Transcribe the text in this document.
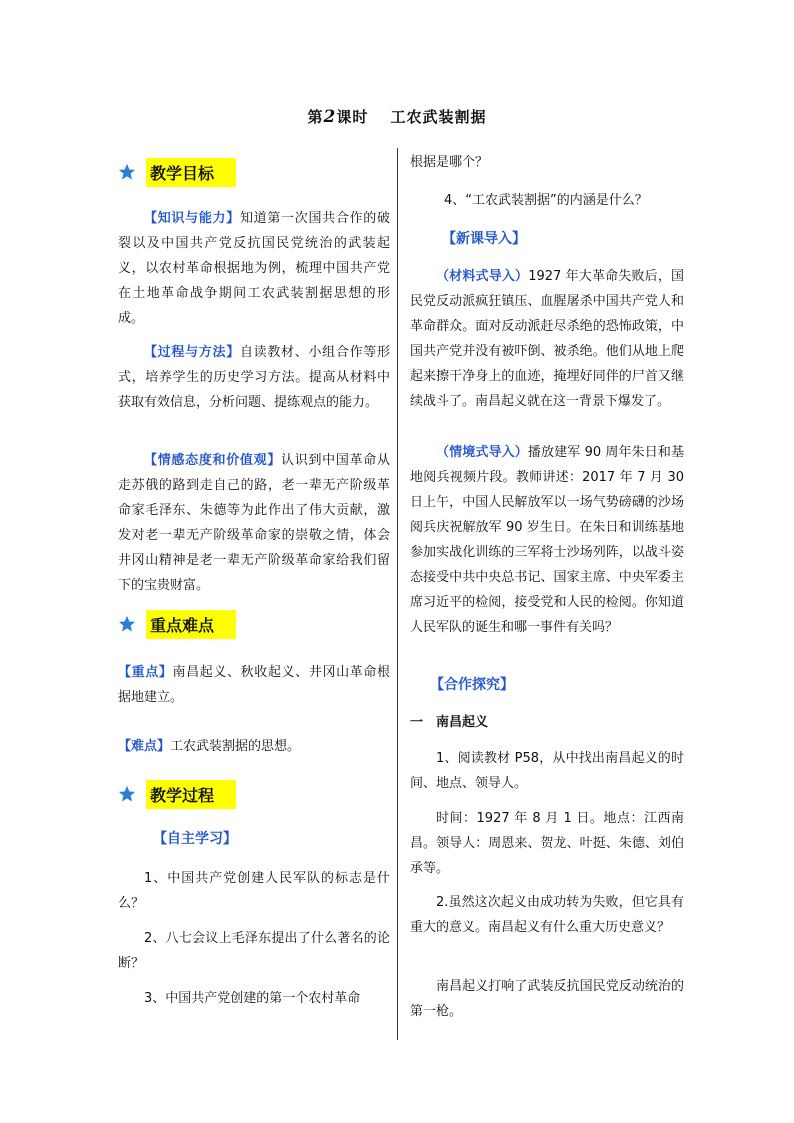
第2课时　 工农武装割据
教学目标
【知识与能力】知道第一次国共合作的破裂以及中国共产党反抗国民党统治的武装起义，以农村革命根据地为例，梳理中国共产党在土地革命战争期间工农武装割据思想的形成。
【过程与方法】自读教材、小组合作等形式，培养学生的历史学习方法。提高从材料中获取有效信息，分析问题、提练观点的能力。
【情感态度和价值观】认识到中国革命从走苏俄的路到走自己的路，老一辈无产阶级革命家毛泽东、朱德等为此作出了伟大贡献，激发对老一辈无产阶级革命家的崇敬之情，体会井冈山精神是老一辈无产阶级革命家给我们留下的宝贵财富。
重点难点
【重点】南昌起义、秋收起义、井冈山革命根据地建立。
【难点】工农武装割据的思想。
教学过程
【自主学习】
1、中国共产党创建人民军队的标志是什么？
2、八七会议上毛泽东提出了什么著名的论断？
3、中国共产党创建的第一个农村革命
根据是哪个？
4、“工农武装割据”的内涵是什么？
【新课导入】
（材料式导入）1927 年大革命失败后，国民党反动派疯狂镇压、血腥屠杀中国共产党人和革命群众。面对反动派赶尽杀绝的恐怖政策，中国共产党并没有被吓倒、被杀绝。他们从地上爬起来擦干净身上的血迹，掩埋好同伴的尸首又继续战斗了。南昌起义就在这一背景下爆发了。
（情境式导入）播放建军 90 周年朱日和基地阅兵视频片段。教师讲述：2017 年 7 月 30 日上午，中国人民解放军以一场气势磅礴的沙场阅兵庆祝解放军 90 岁生日。在朱日和训练基地参加实战化训练的三军将士沙场列阵，以战斗姿态接受中共中央总书记、国家主席、中央军委主席习近平的检阅，接受党和人民的检阅。你知道人民军队的诞生和哪一事件有关吗？
【合作探究】
一　南昌起义
1、阅读教材 P58，从中找出南昌起义的时间、地点、领导人。
时间：1927 年 8 月 1 日。地点：江西南昌。领导人：周恩来、贺龙、叶挺、朱德、刘伯承等。
2.虽然这次起义由成功转为失败，但它具有重大的意义。南昌起义有什么重大历史意义？
南昌起义打响了武装反抗国民党反动统治的第一枪。
